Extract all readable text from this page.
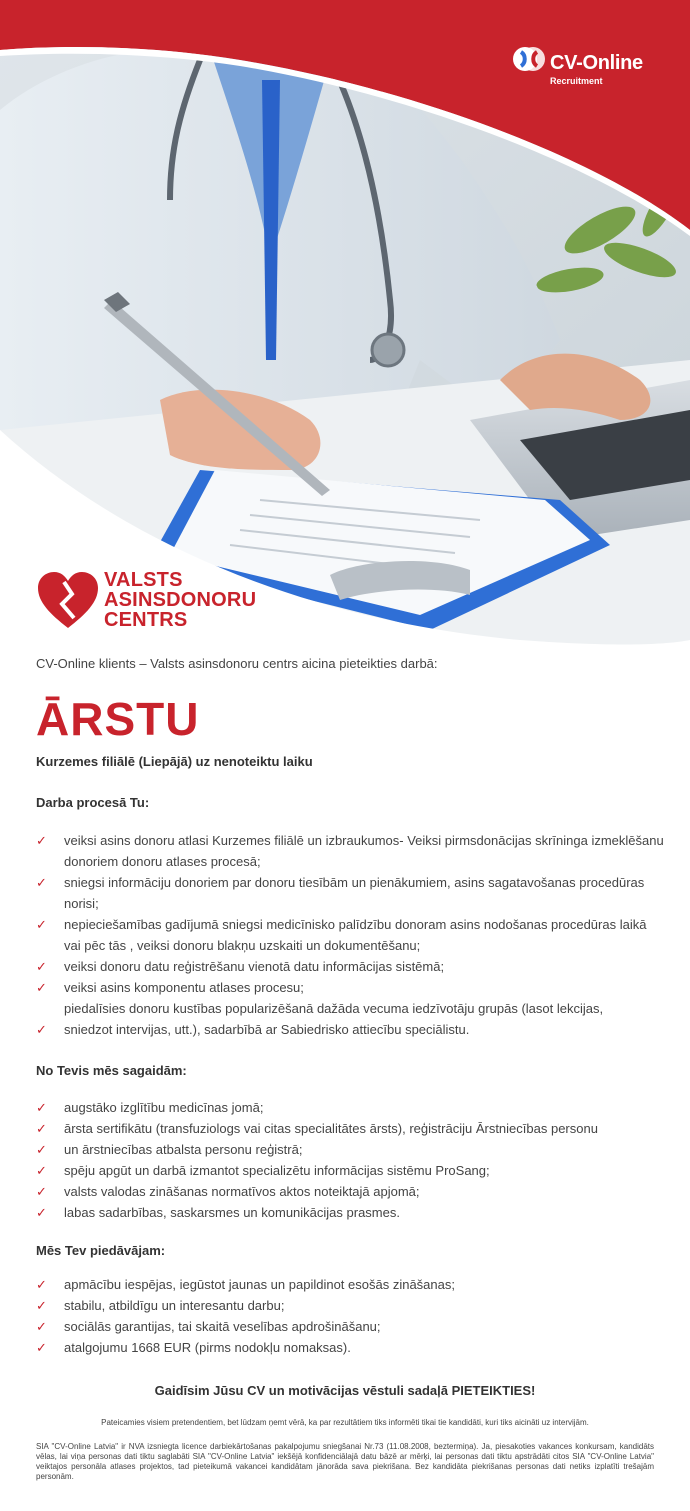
CV-Online
Recruitment
VALSTS
ASINSDONORU
CENTRS
CV-Online klients – Valsts asinsdonoru centrs aicina pieteikties darbā:
ĀRSTU
Kurzemes filiālē (Liepājā) uz nenoteiktu laiku
Darba procesā Tu:
✓ veiksi asins donoru atlasi Kurzemes filiālē un izbraukumos- Veiksi pirmsdonācijas skrīninga izmeklēšanu donoriem donoru atlases procesā;
✓ sniegsi informāciju donoriem par donoru tiesībām un pienākumiem, asins sagatavošanas procedūras norisi;
✓ nepieciešamības gadījumā sniegsi medicīnisko palīdzību donoram asins nodošanas procedūras laikā vai pēc tās , veiksi donoru blakņu uzskaiti un dokumentēšanu;
✓ veiksi donoru datu reģistrēšanu vienotā datu informācijas sistēmā;
✓ veiksi asins komponentu atlases procesu;
piedalīsies donoru kustības popularizēšanā dažāda vecuma iedzīvotāju grupās (lasot lekcijas,
✓ sniedzot intervijas, utt.), sadarbībā ar Sabiedrisko attiecību speciālistu.
No Tevis mēs sagaidām:
✓ augstāko izglītību medicīnas jomā;
✓ ārsta sertifikātu (transfuziologs vai citas specialitātes ārsts), reģistrāciju Ārstniecības personu
✓ un ārstniecības atbalsta personu reģistrā;
✓ spēju apgūt un darbā izmantot specializētu informācijas sistēmu ProSang;
✓ valsts valodas zināšanas normatīvos aktos noteiktajā apjomā;
✓ labas sadarbības, saskarsmes un komunikācijas prasmes.
Mēs Tev piedāvājam:
✓ apmācību iespējas, iegūstot jaunas un papildinot esošās zināšanas;
✓ stabilu, atbildīgu un interesantu darbu;
✓ sociālās garantijas, tai skaitā veselības apdrošināšanu;
✓ atalgojumu 1668 EUR (pirms nodokļu nomaksas).
Gaidīsim Jūsu CV un motivācijas vēstuli sadaļā PIETEIKTIES!
Pateicamies visiem pretendentiem, bet lūdzam ņemt vērā, ka par rezultātiem tiks informēti tikai tie kandidāti, kuri tiks aicināti uz intervijām.
SIA "CV-Online Latvia" ir NVA izsniegta licence darbiekārtošanas pakalpojumu sniegšanai Nr.73 (11.08.2008, beztermiņa). Ja, piesakoties vakances konkursam, kandidāts vēlas, lai viņa personas dati tiktu saglabāti SIA "CV-Online Latvia" iekšējā konfidenciālajā datu bāzē ar mērķi, lai personas dati tiktu apstrādāti citos SIA "CV-Online Latvia" veiktajos personāla atlases projektos, tad pieteikumā vakancei kandidātam jānorāda sava piekrišana. Bez kandidāta piekrišanas personas dati netiks izplatīti trešajām personām.
